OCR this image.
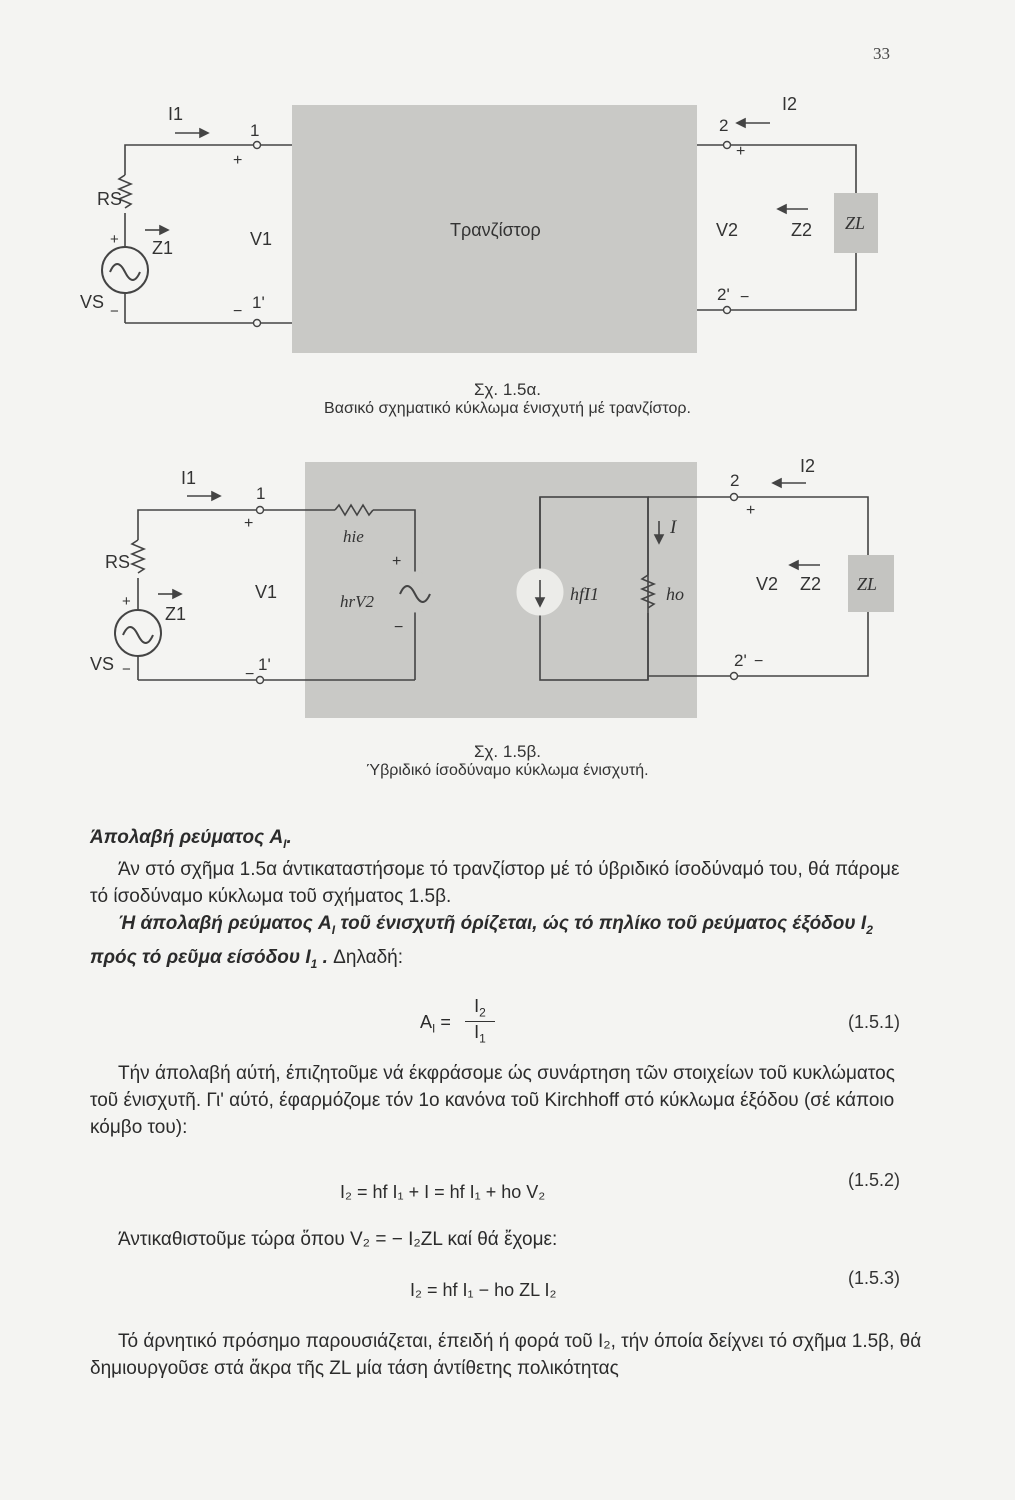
33
I1
1
+
RS
+ Z1	V1
VS −	− 1'
Τρανζίστορ
I2
2
+
V2	Z2 ZL
2' −
I1
1
+
RS
+
Z1
V1
VS −	−
1'
hie
+
hrV2
−
hfI1
I
ho
I2
2
+
V2 Z2 ZL
2' −
Σχ. 1.5α.
Βασικό σχηματικό κύκλωμα ένισχυτή μέ τρανζίστορ.
Σχ. 1.5β.
Ύβριδικό ίσοδύναμο κύκλωμα ένισχυτή.
Άπολαβή ρεύματος $A_I$.
Άν στό σχῆμα 1.5α άντικαταστήσομε τό τρανζίστορ μέ τό ύβριδικό ίσοδύναμό του, θά πάρομε τό ίσοδύναμο κύκλωμα τοῦ σχήματος 1.5β.
Ή άπολαβή ρεύματος $A_I$ τοῦ ένισχυτῆ όρίζεται, ώς τό πηλίκο τοῦ ρεύματος έξόδου $I_2$ πρός τό ρεῦμα είσόδου $I_1$ . Δηλαδή:
$A_I$ =
$I_2$
$I_1$
(1.5.1)
Τήν άπολαβή αύτή, έπιζητοῦμε νά έκφράσομε ώς συνάρτηση τῶν στοιχείων τοῦ κυκλώματος τοῦ ένισχυτῆ. Γι' αύτό, έφαρμόζομε τόν 1ο κανόνα τοῦ Kirchhoff στό κύκλωμα έξόδου (σέ κάποιο κόμβο του):
I₂ = hf I₁ + I = hf I₁ + ho V₂
(1.5.2)
Άντικαθιστοῦμε τώρα ὅπου V₂ = − I₂ZL καί θά ἔχομε:
I₂ = hf I₁ − ho ZL I₂
(1.5.3)
Τό άρνητικό πρόσημο παρουσιάζεται, έπειδή ή φορά τοῦ I₂, τήν όποία δείχνει τό σχῆμα 1.5β, θά δημιουργοῦσε στά ἄκρα τῆς ZL μία τάση άντίθετης πολικότητας
